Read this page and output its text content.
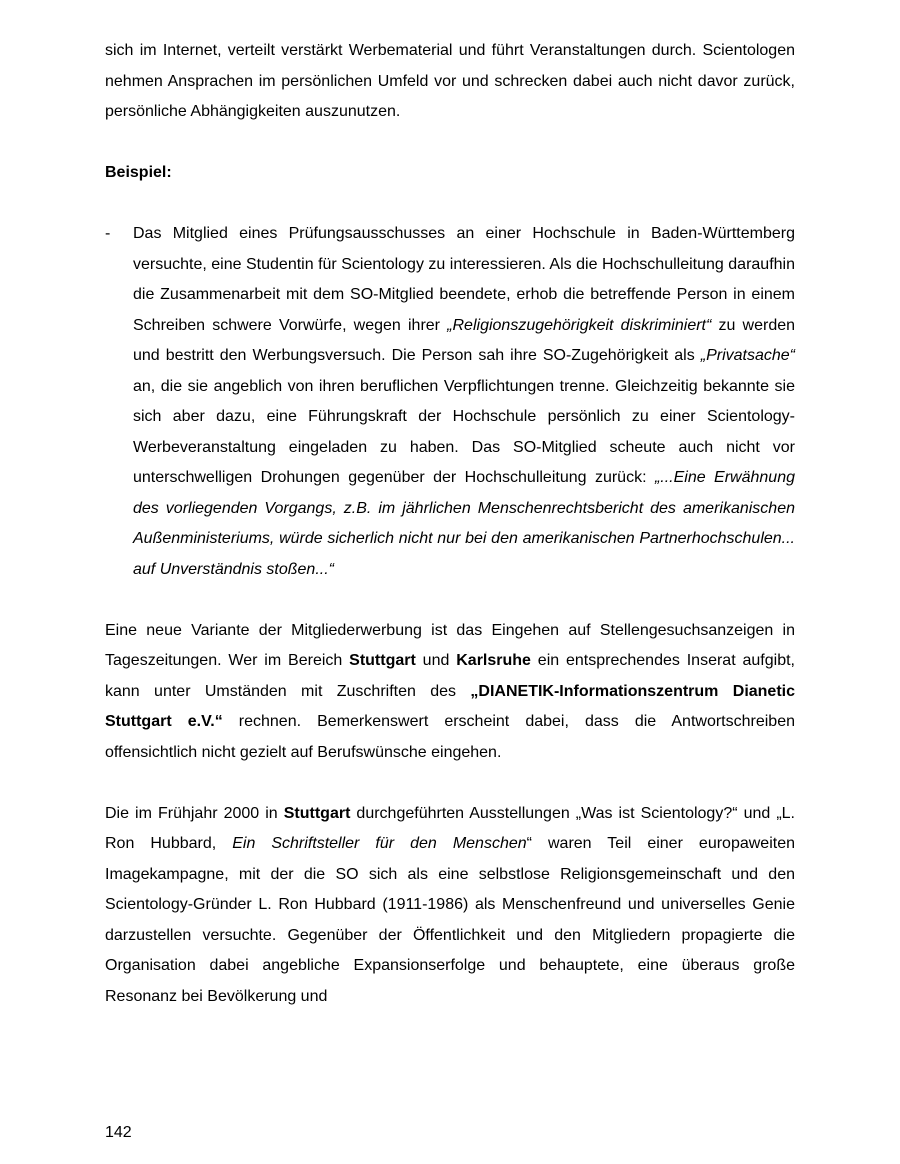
sich im Internet, verteilt verstärkt Werbematerial und führt Veranstaltungen durch. Scientologen nehmen Ansprachen im persönlichen Umfeld vor und schrecken dabei auch nicht davor zurück, persönliche Abhängigkeiten auszunutzen.

Beispiel:

-	Das Mitglied eines Prüfungsausschusses an einer Hochschule in Baden-Württemberg versuchte, eine Studentin für Scientology zu interessieren. Als die Hochschulleitung daraufhin die Zusammenarbeit mit dem SO-Mitglied beendete, erhob die betreffende Person in einem Schreiben schwere Vorwürfe, wegen ihrer „Religionszugehörigkeit diskriminiert“ zu werden und bestritt den Werbungsversuch. Die Person sah ihre SO-Zugehörigkeit als „Privatsache“ an, die sie angeblich von ihren beruflichen Verpflichtungen trenne. Gleichzeitig bekannte sie sich aber dazu, eine Führungskraft der Hochschule persönlich zu einer Scientology-Werbeveranstaltung eingeladen zu haben. Das SO-Mitglied scheute auch nicht vor unterschwelligen Drohungen gegenüber der Hochschulleitung zurück: „...Eine Erwähnung des vorliegenden Vorgangs, z.B. im jährlichen Menschenrechtsbericht des amerikanischen Außenministeriums, würde sicherlich nicht nur bei den amerikanischen Partnerhochschulen... auf Unverständnis stoßen...“

Eine neue Variante der Mitgliederwerbung ist das Eingehen auf Stellengesuchsanzeigen in Tageszeitungen. Wer im Bereich Stuttgart und Karlsruhe ein entsprechendes Inserat aufgibt, kann unter Umständen mit Zuschriften des „DIANETIK-Informationszentrum Dianetic Stuttgart e.V.“ rechnen. Bemerkenswert erscheint dabei, dass die Antwortschreiben offensichtlich nicht gezielt auf Berufswünsche eingehen.

Die im Frühjahr 2000 in Stuttgart durchgeführten Ausstellungen „Was ist Scientology?“ und „L. Ron Hubbard, Ein Schriftsteller für den Menschen“ waren Teil einer europaweiten Imagekampagne, mit der die SO sich als eine selbstlose Religionsgemeinschaft und den Scientology-Gründer L. Ron Hubbard (1911-1986) als Menschenfreund und universelles Genie darzustellen versuchte. Gegenüber der Öffentlichkeit und den Mitgliedern propagierte die Organisation dabei angebliche Expansionserfolge und behauptete, eine überaus große Resonanz bei Bevölkerung und

142
